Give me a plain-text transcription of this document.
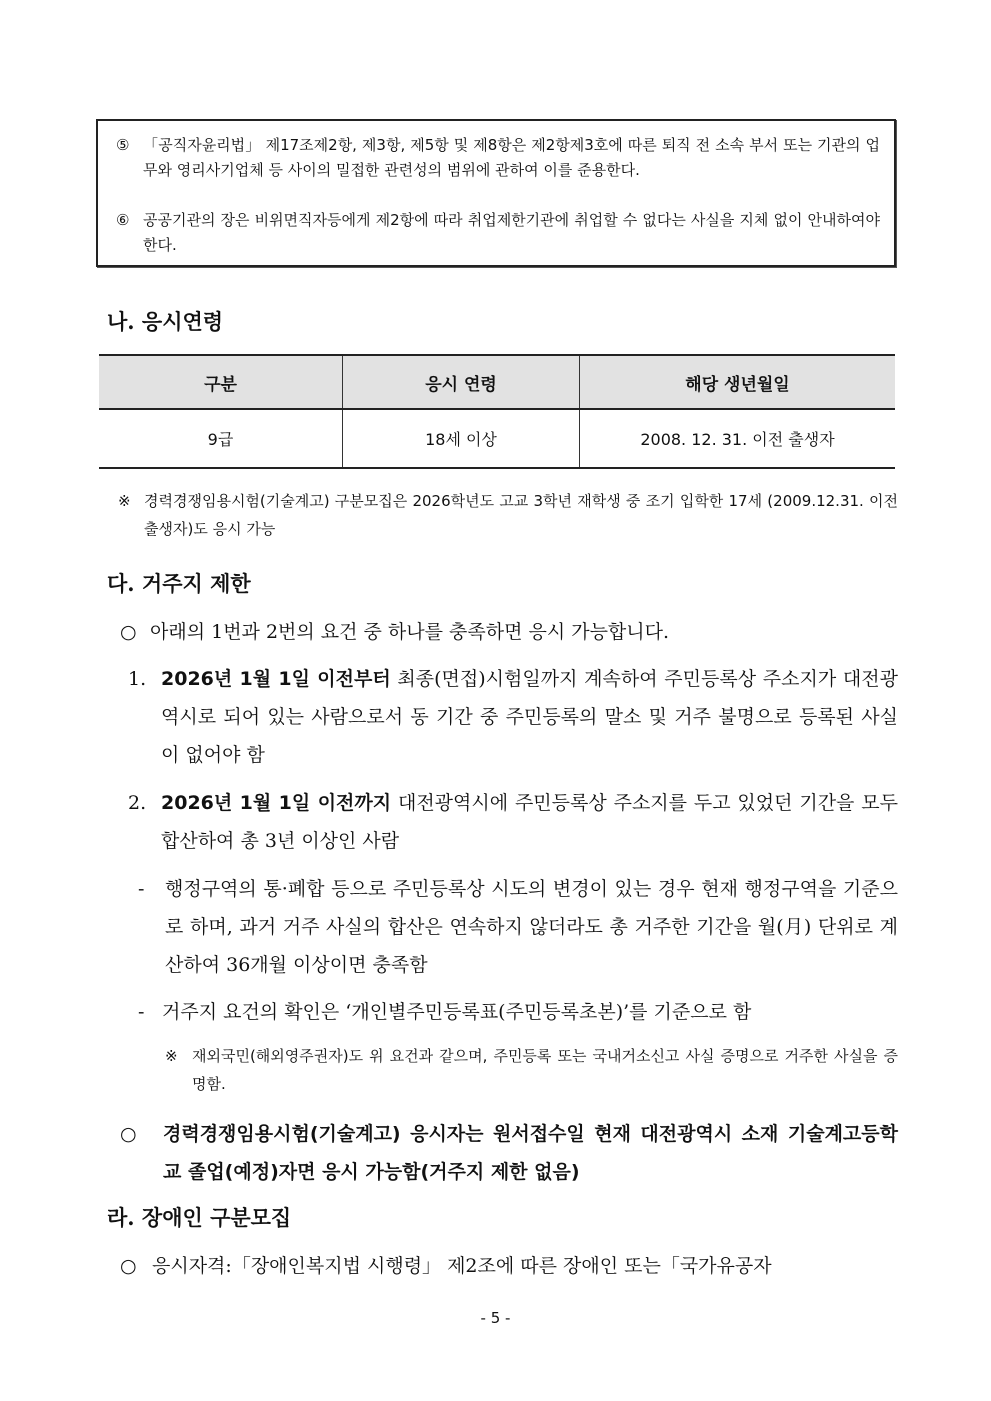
⑤ 「공직자윤리법」 제17조제2항, 제3항, 제5항 및 제8항은 제2항제3호에 따른 퇴직 전 소속 부서 또는 기관의 업무와 영리사기업체 등 사이의 밀접한 관련성의 범위에 관하여 이를 준용한다.
⑥ 공공기관의 장은 비위면직자등에게 제2항에 따라 취업제한기관에 취업할 수 없다는 사실을 지체 없이 안내하여야 한다.
나. 응시연령
구분	응시 연령	해당 생년월일
9급	18세 이상	2008. 12. 31. 이전 출생자
※ 경력경쟁임용시험(기술계고) 구분모집은 2026학년도 고교 3학년 재학생 중 조기 입학한 17세 (2009.12.31. 이전 출생자)도 응시 가능
다. 거주지 제한
○ 아래의 1번과 2번의 요건 중 하나를 충족하면 응시 가능합니다.
1. 2026년 1월 1일 이전부터 최종(면접)시험일까지 계속하여 주민등록상 주소지가 대전광역시로 되어 있는 사람으로서 동 기간 중 주민등록의 말소 및 거주 불명으로 등록된 사실이 없어야 함
2. 2026년 1월 1일 이전까지 대전광역시에 주민등록상 주소지를 두고 있었던 기간을 모두 합산하여 총 3년 이상인 사람
- 행정구역의 통·폐합 등으로 주민등록상 시도의 변경이 있는 경우 현재 행정구역을 기준으로 하며, 과거 거주 사실의 합산은 연속하지 않더라도 총 거주한 기간을 월(月) 단위로 계산하여 36개월 이상이면 충족함
- 거주지 요건의 확인은 ‘개인별주민등록표(주민등록초본)’를 기준으로 함
※ 재외국민(해외영주권자)도 위 요건과 같으며, 주민등록 또는 국내거소신고 사실 증명으로 거주한 사실을 증명함.
○ 경력경쟁임용시험(기술계고) 응시자는 원서접수일 현재 대전광역시 소재 기술계고등학교 졸업(예정)자면 응시 가능함(거주지 제한 없음)
라. 장애인 구분모집
○ 응시자격:「장애인복지법 시행령」 제2조에 따른 장애인 또는「국가유공자
- 5 -
